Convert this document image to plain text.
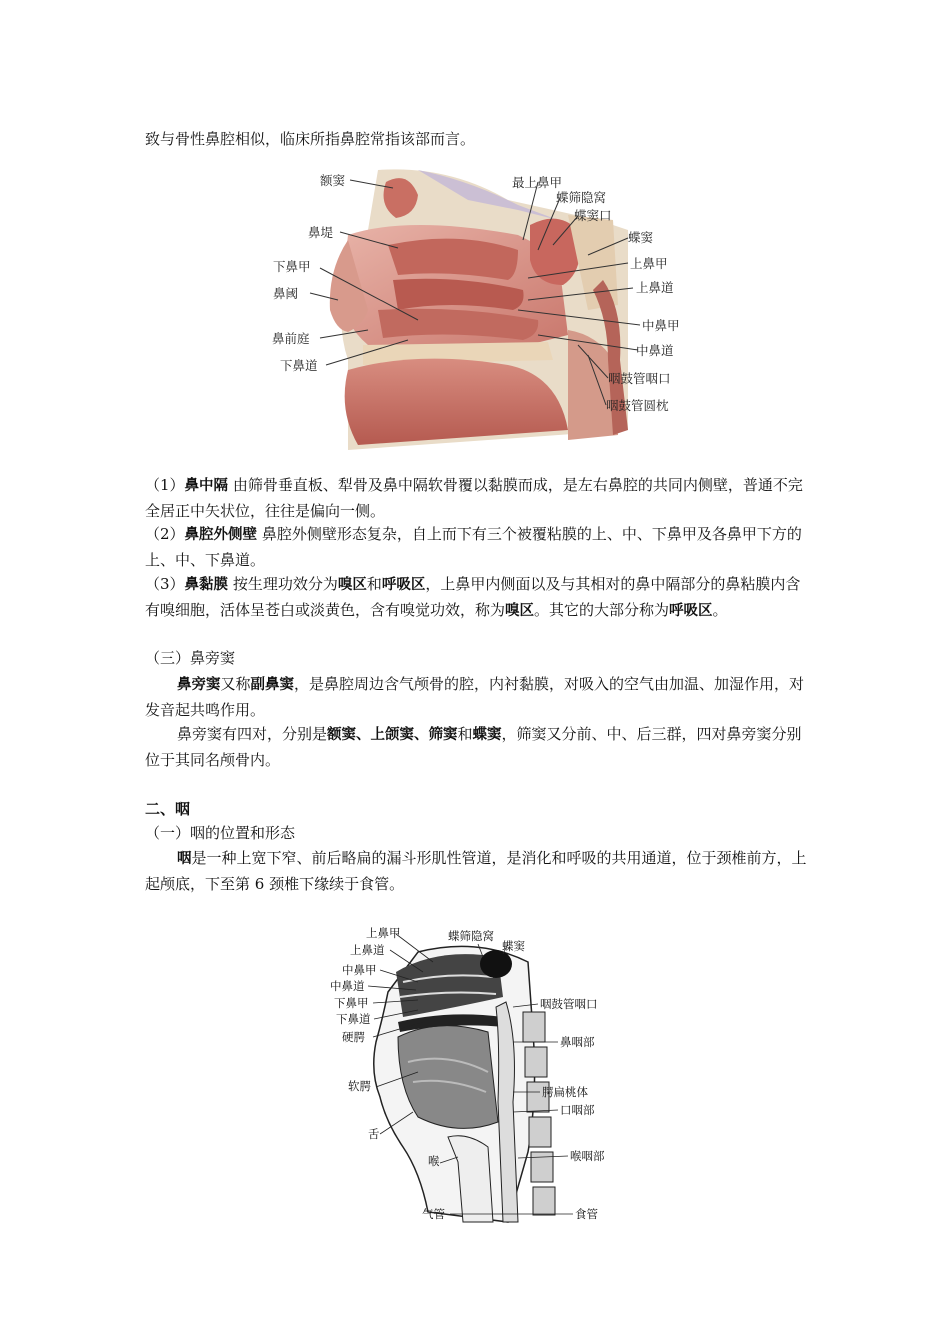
致与骨性鼻腔相似，临床所指鼻腔常指该部而言。
额窦
鼻堤
下鼻甲
鼻阈
鼻前庭
下鼻道
最上鼻甲
蝶筛隐窝
蝶窦口
蝶窦
上鼻甲
上鼻道
中鼻甲
中鼻道
咽鼓管咽口
咽鼓管圆枕
（1）鼻中隔 由筛骨垂直板、犁骨及鼻中隔软骨覆以黏膜而成，是左右鼻腔的共同内侧壁，普通不完全居正中矢状位，往往是偏向一侧。
（2）鼻腔外侧壁 鼻腔外侧壁形态复杂，自上而下有三个被覆粘膜的上、中、下鼻甲及各鼻甲下方的上、中、下鼻道。
（3）鼻黏膜 按生理功效分为嗅区和呼吸区，上鼻甲内侧面以及与其相对的鼻中隔部分的鼻粘膜内含有嗅细胞，活体呈苍白或淡黄色，含有嗅觉功效，称为嗅区。其它的大部分称为呼吸区。
（三）鼻旁窦
鼻旁窦又称副鼻窦，是鼻腔周边含气颅骨的腔，内衬黏膜，对吸入的空气由加温、加湿作用，对发音起共鸣作用。
鼻旁窦有四对，分别是额窦、上颌窦、筛窦和蝶窦，筛窦又分前、中、后三群，四对鼻旁窦分别位于其同名颅骨内。
二、咽
（一）咽的位置和形态
咽是一种上宽下窄、前后略扁的漏斗形肌性管道，是消化和呼吸的共用通道，位于颈椎前方，上起颅底，下至第 6 颈椎下缘续于食管。
上鼻甲
上鼻道
中鼻甲
中鼻道
下鼻甲
下鼻道
硬腭
软腭
舌
喉
气管
蝶筛隐窝
蝶窦
咽鼓管咽口
鼻咽部
腭扁桃体
口咽部
喉咽部
食管
